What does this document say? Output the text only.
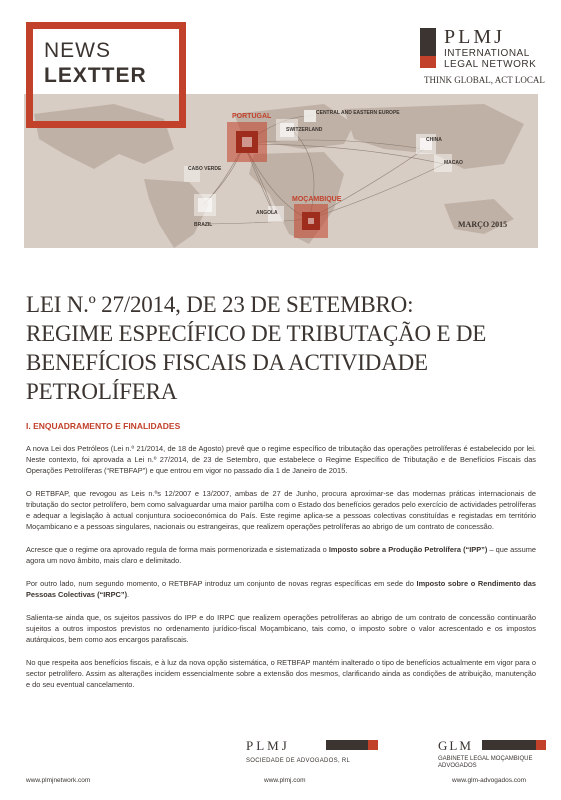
PORTUGAL	CENTRAL AND EASTERN EUROPE
SWITZERLAND
CHINA
MACAO
CABO VERDE
MOÇAMBIQUE
ANGOLA
BRAZIL	MARÇO 2015
NEWS
LEXTTER
PLMJ
INTERNATIONAL
LEGAL NETWORK
THINK GLOBAL, ACT LOCAL
LEI N.º 27/2014, DE 23 DE SETEMBRO:
REGIME ESPECÍFICO DE TRIBUTAÇÃO E DE
BENEFÍCIOS FISCAIS DA ACTIVIDADE PETROLÍFERA
I. ENQUADRAMENTO E FINALIDADES

A nova Lei dos Petróleos (Lei n.º 21/2014, de 18 de Agosto) prevê que o regime específico de tributação das operações petrolíferas é estabelecido por lei. Neste contexto, foi aprovada a Lei n.º 27/2014, de 23 de Setembro, que estabelece o Regime Específico de Tributação e de Benefícios Fiscais das Operações Petrolíferas (“RETBFAP”) e que entrou em vigor no passado dia 1 de Janeiro de 2015.

O RETBFAP, que revogou as Leis n.ºs 12/2007 e 13/2007, ambas de 27 de Junho, procura aproximar-se das modernas práticas internacionais de tributação do sector petrolífero, bem como salvaguardar uma maior partilha com o Estado dos benefícios gerados pelo exercício de actividades petrolíferas e adequar a legislação à actual conjuntura socioeconómica do País. Este regime aplica-se a pessoas colectivas constituídas e registadas em território Moçambicano e a pessoas singulares, nacionais ou estrangeiras, que realizem operações petrolíferas ao abrigo de um contrato de concessão.

Acresce que o regime ora aprovado regula de forma mais pormenorizada e sistematizada o Imposto sobre a Produção Petrolífera (“IPP”) – que assume agora um novo âmbito, mais claro e delimitado.

Por outro lado, num segundo momento, o RETBFAP introduz um conjunto de novas regras específicas em sede do Imposto sobre o Rendimento das Pessoas Colectivas (“IRPC”).

Salienta-se ainda que, os sujeitos passivos do IPP e do IRPC que realizem operações petrolíferas ao abrigo de um contrato de concessão continuarão sujeitos a outros impostos previstos no ordenamento jurídico-fiscal Moçambicano, tais como, o imposto sobre o valor acrescentado e os impostos autárquicos, bem como aos encargos parafiscais.

No que respeita aos benefícios fiscais, e à luz da nova opção sistemática, o RETBFAP mantém inalterado o tipo de benefícios actualmente em vigor para o sector petrolífero. Assim as alterações incidem essencialmente sobre a extensão dos mesmos, clarificando ainda as condições de atribuição, manutenção e do seu eventual cancelamento.

PLMJ
SOCIEDADE DE ADVOGADOS, RL
GLM
GABINETE LEGAL MOÇAMBIQUE
ADVOGADOS
www.plmjnetwork.com	www.plmj.com	www.glm-advogados.com
